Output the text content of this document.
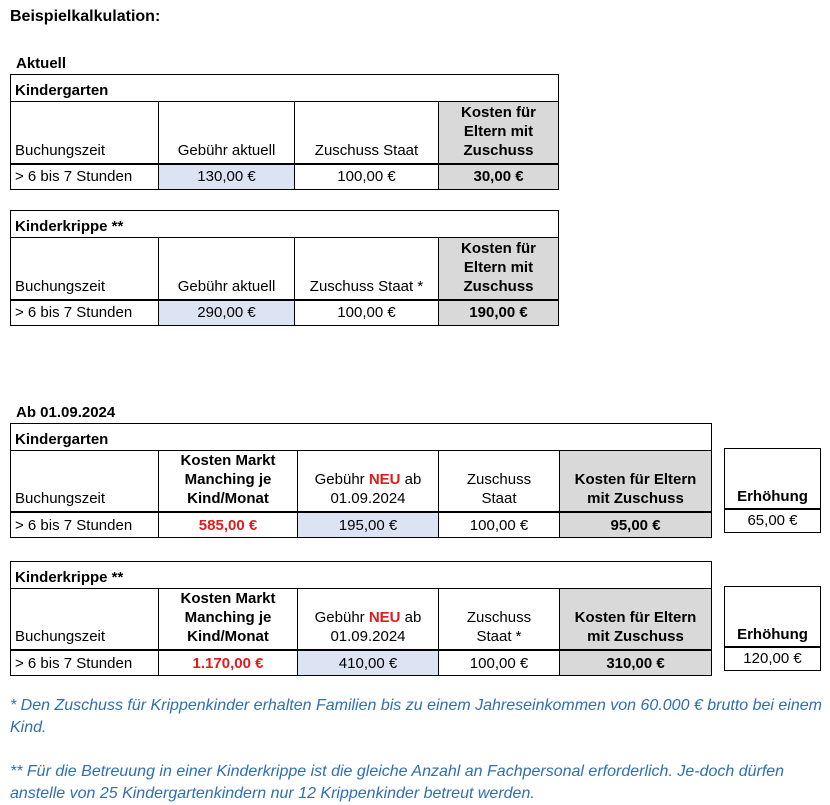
Beispielkalkulation:
Aktuell
Kindergarten			
Buchungszeit	Gebühr aktuell	Zuschuss Staat	Kosten für
Eltern mit
Zuschuss
> 6 bis 7 Stunden	130,00 €	100,00 €	30,00 €
Kinderkrippe **			
Buchungszeit	Gebühr aktuell	Zuschuss Staat *	Kosten für
Eltern mit
Zuschuss
> 6 bis 7 Stunden	290,00 €	100,00 €	190,00 €
Ab 01.09.2024
Kindergarten				
Buchungszeit	Kosten Markt
Manching je
Kind/Monat	Gebühr NEU ab
01.09.2024	Zuschuss
Staat	Kosten für Eltern
mit Zuschuss
> 6 bis 7 Stunden	585,00 €	195,00 €	100,00 €	95,00 €
Erhöhung
65,00 €
Kinderkrippe **				
Buchungszeit	Kosten Markt
Manching je
Kind/Monat	Gebühr NEU ab
01.09.2024	Zuschuss
Staat *	Kosten für Eltern
mit Zuschuss
> 6 bis 7 Stunden	1.170,00 €	410,00 €	100,00 €	310,00 €
Erhöhung
120,00 €
* Den Zuschuss für Krippenkinder erhalten Familien bis zu einem Jahreseinkommen von 60.000 € brutto bei einem Kind.
** Für die Betreuung in einer Kinderkrippe ist die gleiche Anzahl an Fachpersonal erforderlich. Je-doch dürfen anstelle von 25 Kindergartenkindern nur 12 Krippenkinder betreut werden.
